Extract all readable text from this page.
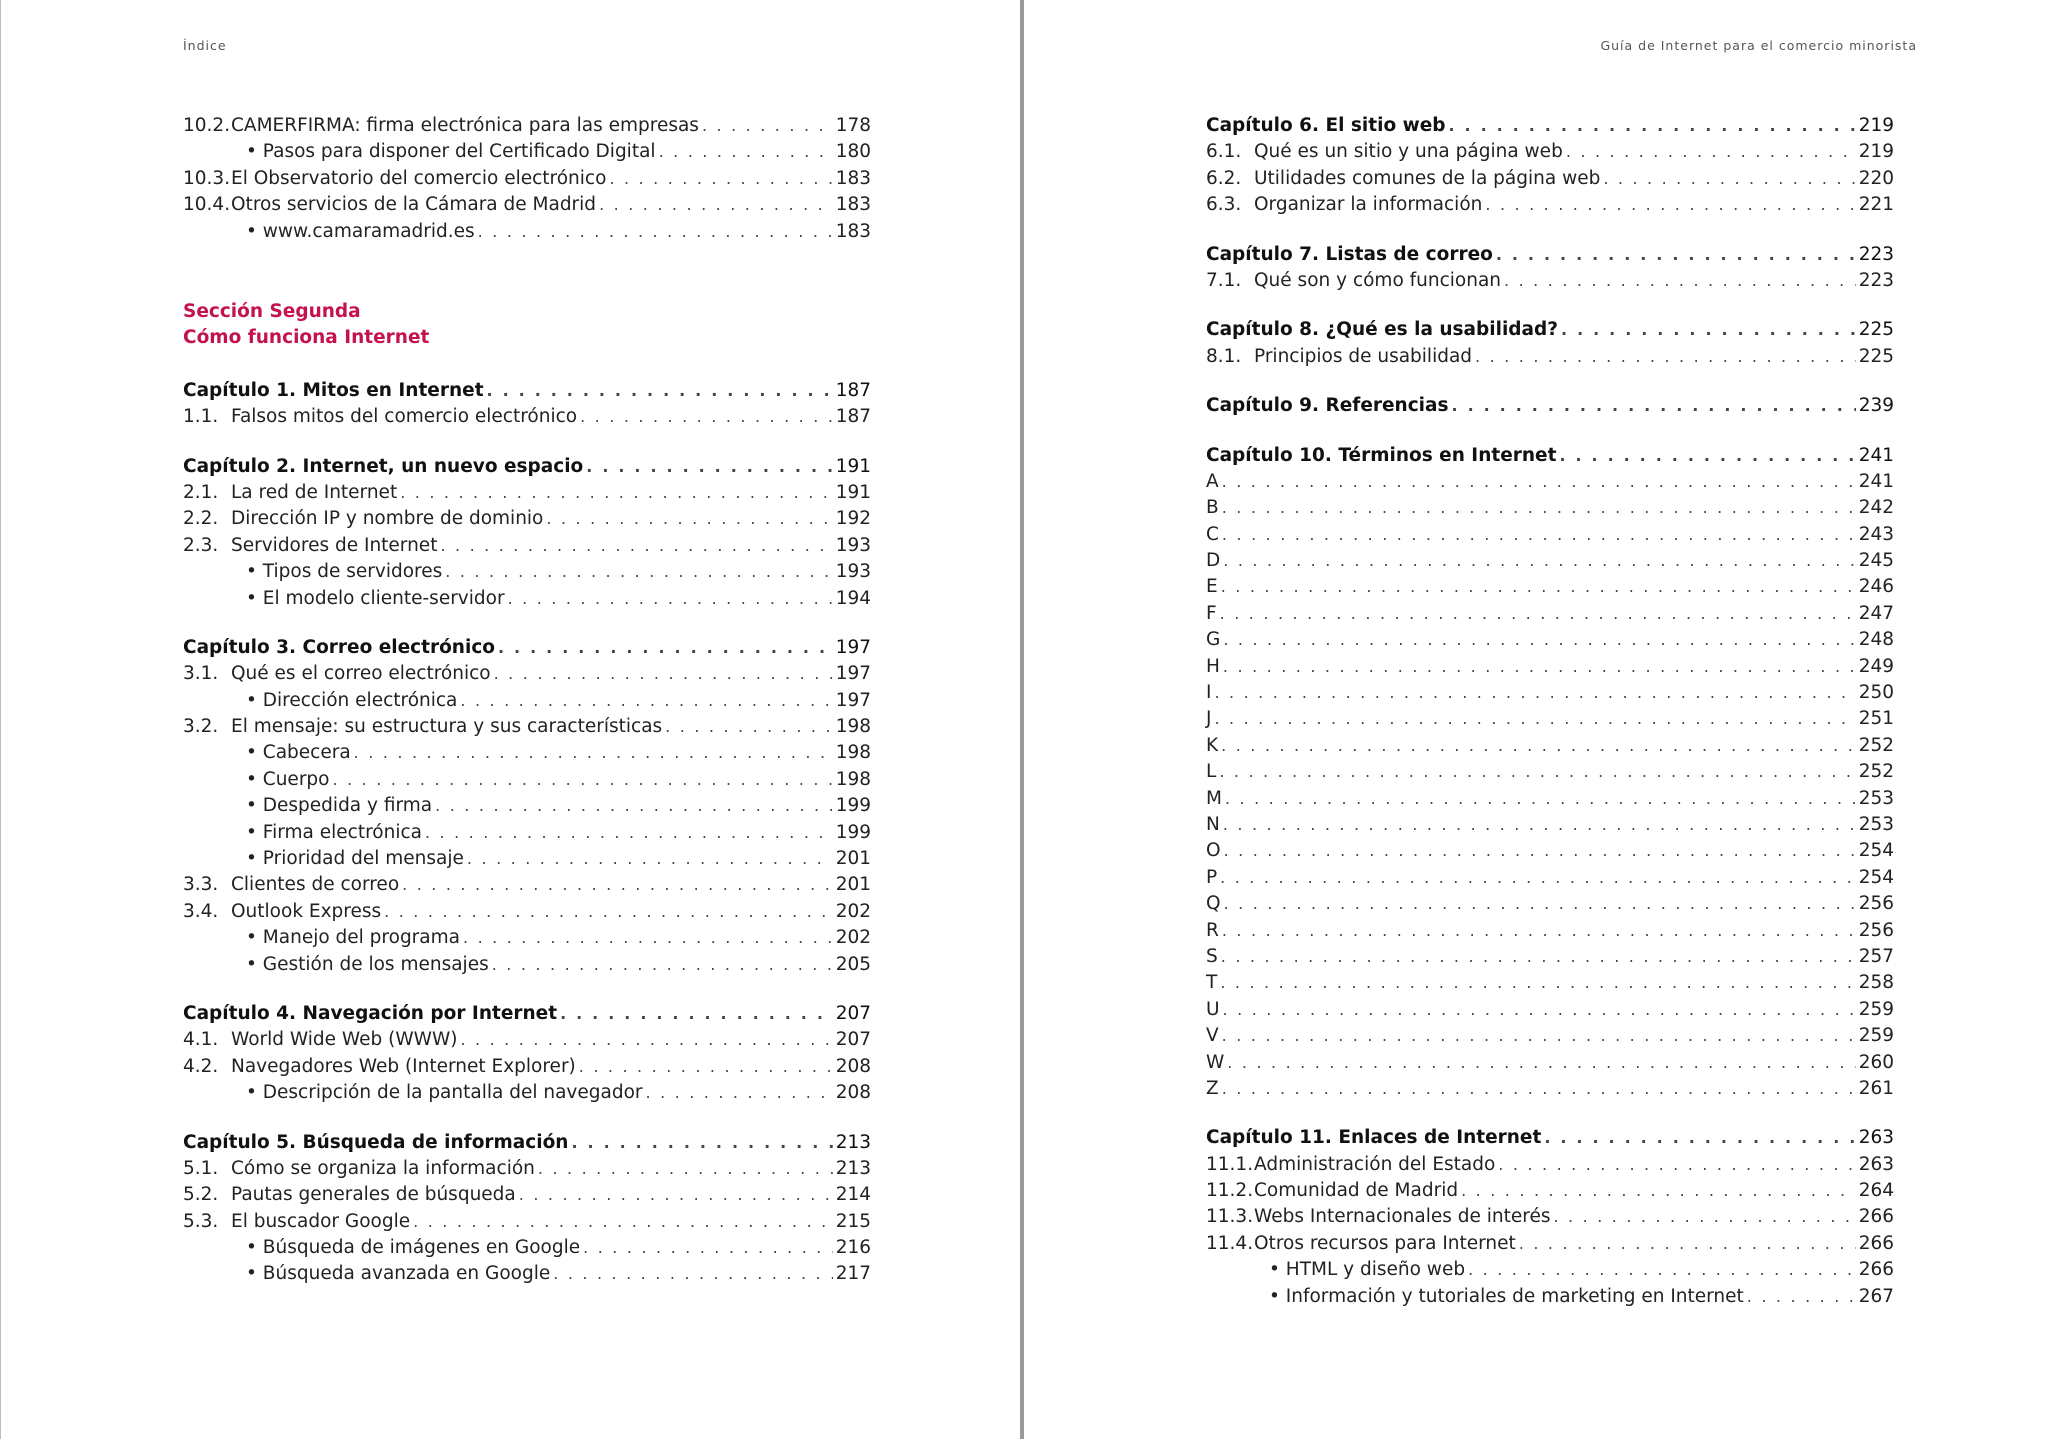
Índice
10.2. CAMERFIRMA: firma electrónica para las empresas . . .	178
• Pasos para disponer del Certificado Digital . . .	180
10.3. El Observatorio del comercio electrónico . . .	183
10.4. Otros servicios de la Cámara de Madrid . . .	183
• www.camaramadrid.es . . .	183
Sección Segunda
Cómo funciona Internet
Capítulo 1. Mitos en Internet . . .	187
1.1. Falsos mitos del comercio electrónico . . .	187
Capítulo 2. Internet, un nuevo espacio . . .	191
2.1. La red de Internet . . .	191
2.2. Dirección IP y nombre de dominio . . .	192
2.3. Servidores de Internet . . .	193
• Tipos de servidores . . .	193
• El modelo cliente-servidor . . .	194
Capítulo 3. Correo electrónico . . .	197
3.1. Qué es el correo electrónico . . .	197
• Dirección electrónica . . .	197
3.2. El mensaje: su estructura y sus características . . .	198
• Cabecera . . .	198
• Cuerpo . . .	198
• Despedida y firma . . .	199
• Firma electrónica . . .	199
• Prioridad del mensaje . . .	201
3.3. Clientes de correo . . .	201
3.4. Outlook Express . . .	202
• Manejo del programa . . .	202
• Gestión de los mensajes . . .	205
Capítulo 4. Navegación por Internet . . .	207
4.1. World Wide Web (WWW) . . .	207
4.2. Navegadores Web (Internet Explorer) . . .	208
• Descripción de la pantalla del navegador . . .	208
Capítulo 5. Búsqueda de información . . .	213
5.1. Cómo se organiza la información . . .	213
5.2. Pautas generales de búsqueda . . .	214
5.3. El buscador Google . . .	215
• Búsqueda de imágenes en Google . . .	216
• Búsqueda avanzada en Google . . .	217
Guía de Internet para el comercio minorista
Capítulo 6. El sitio web . . .	219
6.1. Qué es un sitio y una página web . . .	219
6.2. Utilidades comunes de la página web . . .	220
6.3. Organizar la información . . .	221
Capítulo 7. Listas de correo . . .	223
7.1. Qué son y cómo funcionan . . .	223
Capítulo 8. ¿Qué es la usabilidad? . . .	225
8.1. Principios de usabilidad . . .	225
Capítulo 9. Referencias . . .	239
Capítulo 10. Términos en Internet . . .	241
A . . .	241
B . . .	242
C . . .	243
D . . .	245
E . . .	246
F . . .	247
G . . .	248
H . . .	249
I . . .	250
J . . .	251
K . . .	252
L . . .	252
M . . .	253
N . . .	253
O . . .	254
P . . .	254
Q . . .	256
R . . .	256
S . . .	257
T . . .	258
U . . .	259
V . . .	259
W . . .	260
Z . . .	261
Capítulo 11. Enlaces de Internet . . .	263
11.1. Administración del Estado . . .	263
11.2. Comunidad de Madrid . . .	264
11.3. Webs Internacionales de interés . . .	266
11.4. Otros recursos para Internet . . .	266
• HTML y diseño web . . .	266
• Información y tutoriales de marketing en Internet . . .	267
